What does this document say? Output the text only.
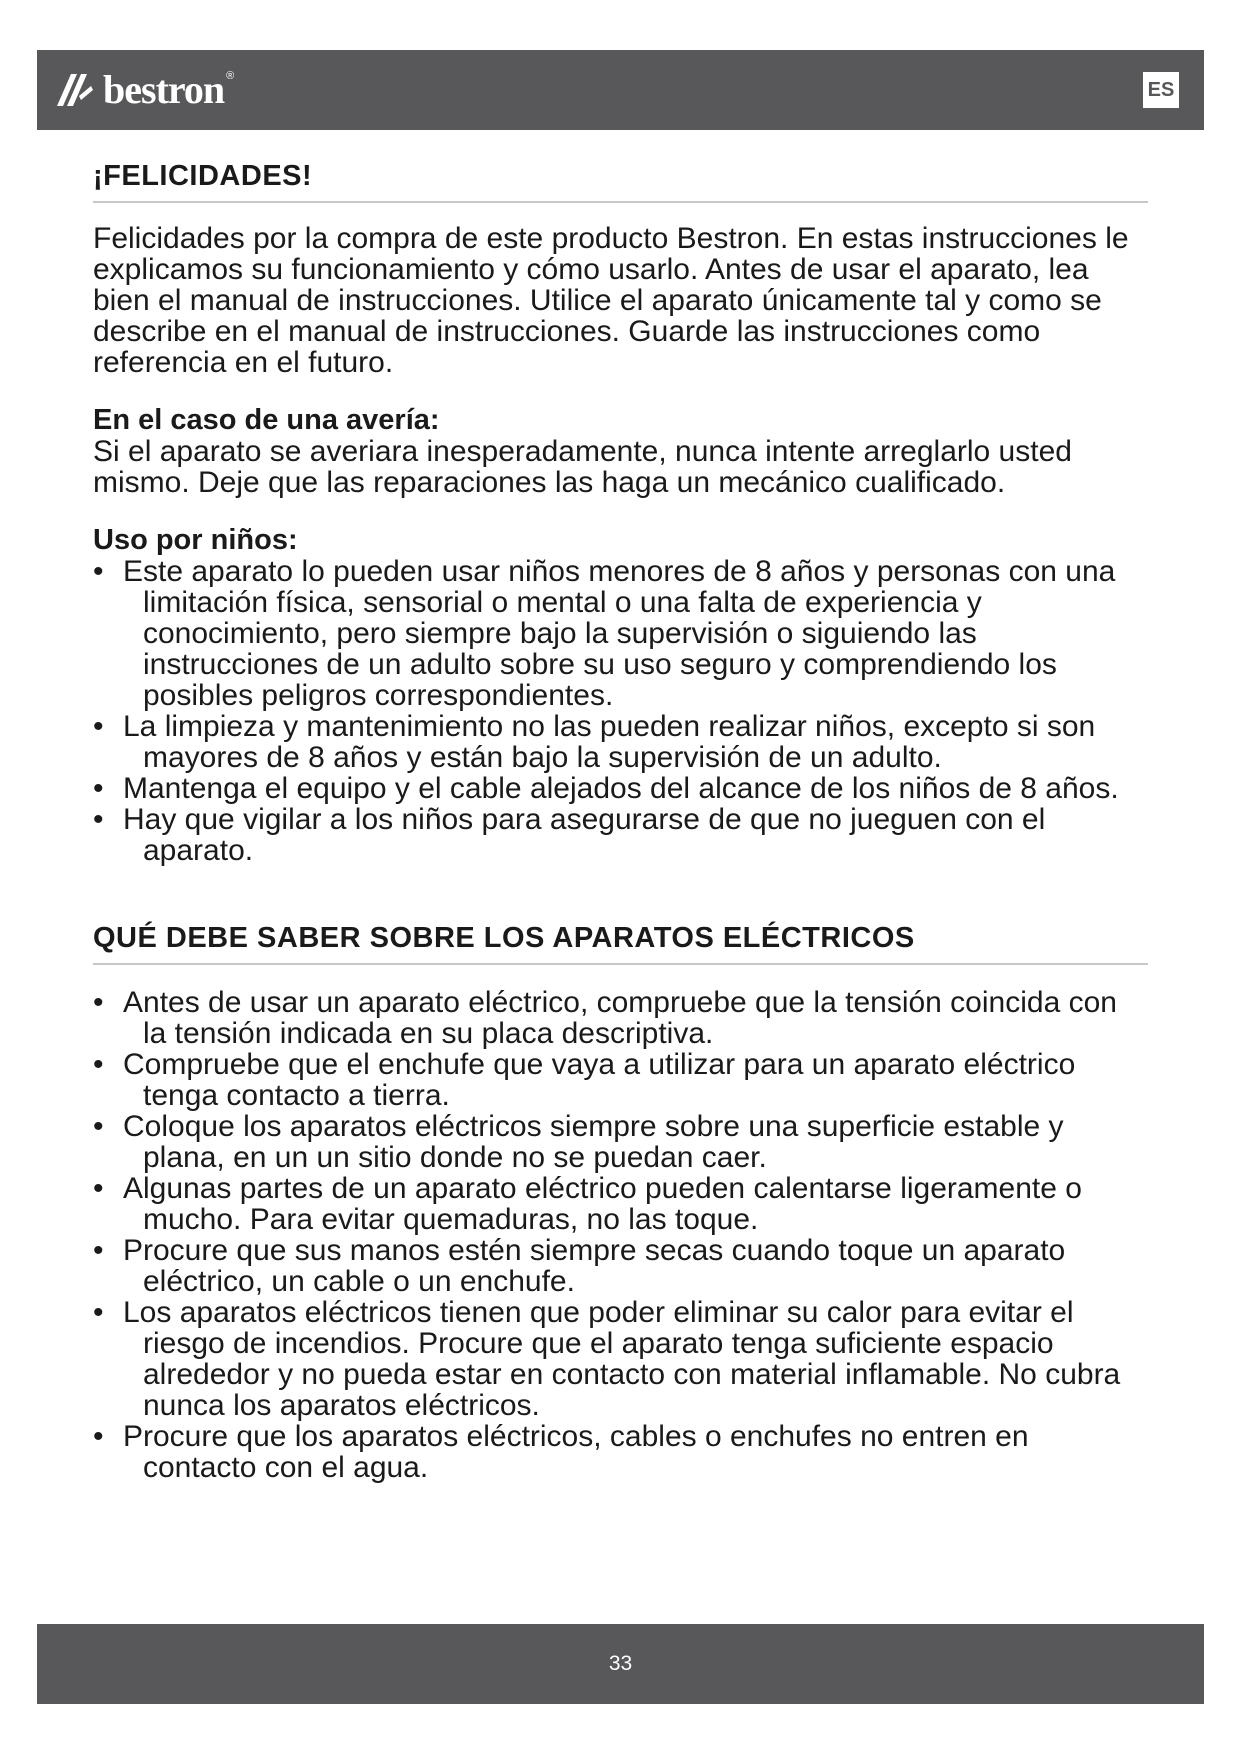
bestron ®
ES
¡FELICIDADES!

Felicidades por la compra de este producto Bestron. En estas instrucciones le explicamos su funcionamiento y cómo usarlo. Antes de usar el aparato, lea bien el manual de instrucciones. Utilice el aparato únicamente tal y como se describe en el manual de instrucciones. Guarde las instrucciones como referencia en el futuro.

En el caso de una avería:

Si el aparato se averiara inesperadamente, nunca intente arreglarlo usted mismo. Deje que las reparaciones las haga un mecánico cualificado.

Uso por niños:
• Este aparato lo pueden usar niños menores de 8 años y personas con una limitación física, sensorial o mental o una falta de experiencia y conocimiento, pero siempre bajo la supervisión o siguiendo las instrucciones de un adulto sobre su uso seguro y comprendiendo los posibles peligros correspondientes.
• La limpieza y mantenimiento no las pueden realizar niños, excepto si son mayores de 8 años y están bajo la supervisión de un adulto.
• Mantenga el equipo y el cable alejados del alcance de los niños de 8 años.
• Hay que vigilar a los niños para asegurarse de que no jueguen con el aparato.
QUÉ DEBE SABER SOBRE LOS APARATOS ELÉCTRICOS
• Antes de usar un aparato eléctrico, compruebe que la tensión coincida con la tensión indicada en su placa descriptiva.
• Compruebe que el enchufe que vaya a utilizar para un aparato eléctrico tenga contacto a tierra.
• Coloque los aparatos eléctricos siempre sobre una superficie estable y plana, en un un sitio donde no se puedan caer.
• Algunas partes de un aparato eléctrico pueden calentarse ligeramente o mucho. Para evitar quemaduras, no las toque.
• Procure que sus manos estén siempre secas cuando toque un aparato eléctrico, un cable o un enchufe.
• Los aparatos eléctricos tienen que poder eliminar su calor para evitar el riesgo de incendios. Procure que el aparato tenga suficiente espacio alrededor y no pueda estar en contacto con material inflamable. No cubra nunca los aparatos eléctricos.
• Procure que los aparatos eléctricos, cables o enchufes no entren en contacto con el agua.
33
